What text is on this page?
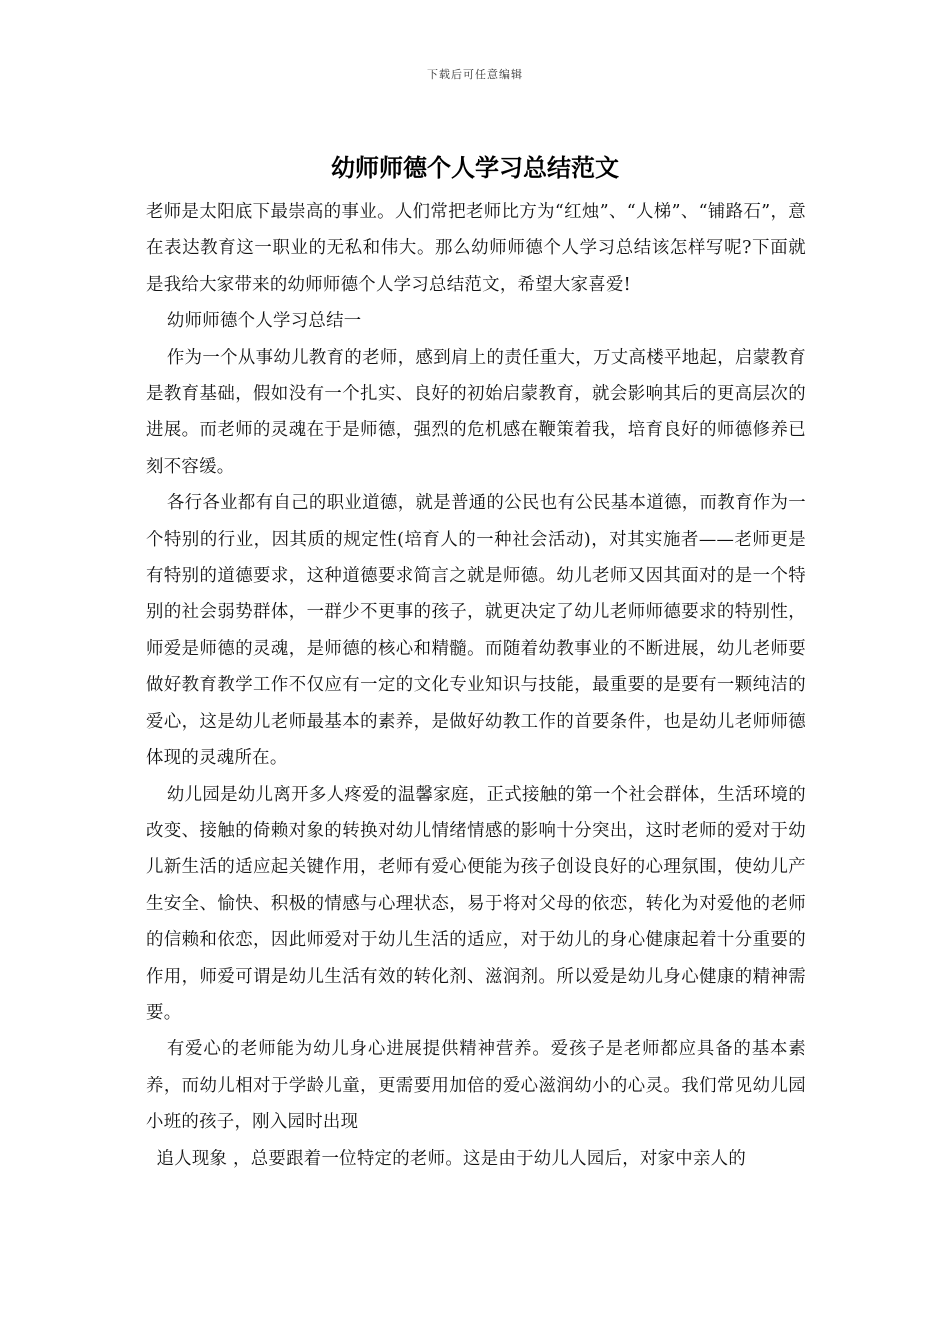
下载后可任意编辑
幼师师德个人学习总结范文

老师是太阳底下最崇高的事业。人们常把老师比方为“红烛”、“人梯”、“铺路石”，意在表达教育这一职业的无私和伟大。那么幼师师德个人学习总结该怎样写呢?下面就是我给大家带来的幼师师德个人学习总结范文，希望大家喜爱!

幼师师德个人学习总结一

作为一个从事幼儿教育的老师，感到肩上的责任重大，万丈高楼平地起，启蒙教育是教育基础，假如没有一个扎实、良好的初始启蒙教育，就会影响其后的更高层次的进展。而老师的灵魂在于是师德，强烈的危机感在鞭策着我，培育良好的师德修养已刻不容缓。

各行各业都有自己的职业道德，就是普通的公民也有公民基本道德，而教育作为一个特别的行业，因其质的规定性(培育人的一种社会活动)，对其实施者——老师更是有特别的道德要求，这种道德要求简言之就是师德。幼儿老师又因其面对的是一个特别的社会弱势群体，一群少不更事的孩子，就更决定了幼儿老师师德要求的特别性，师爱是师德的灵魂，是师德的核心和精髓。而随着幼教事业的不断进展，幼儿老师要做好教育教学工作不仅应有一定的文化专业知识与技能，最重要的是要有一颗纯洁的爱心，这是幼儿老师最基本的素养，是做好幼教工作的首要条件，也是幼儿老师师德体现的灵魂所在。

幼儿园是幼儿离开多人疼爱的温馨家庭，正式接触的第一个社会群体，生活环境的改变、接触的倚赖对象的转换对幼儿情绪情感的影响十分突出，这时老师的爱对于幼儿新生活的适应起关键作用，老师有爱心便能为孩子创设良好的心理氛围，使幼儿产生安全、愉快、积极的情感与心理状态，易于将对父母的依恋，转化为对爱他的老师的信赖和依恋，因此师爱对于幼儿生活的适应，对于幼儿的身心健康起着十分重要的作用，师爱可谓是幼儿生活有效的转化剂、滋润剂。所以爱是幼儿身心健康的精神需要。

有爱心的老师能为幼儿身心进展提供精神营养。爱孩子是老师都应具备的基本素养，而幼儿相对于学龄儿童，更需要用加倍的爱心滋润幼小的心灵。我们常见幼儿园小班的孩子，刚入园时出现

追人现象 ，总要跟着一位特定的老师。这是由于幼儿人园后，对家中亲人的
